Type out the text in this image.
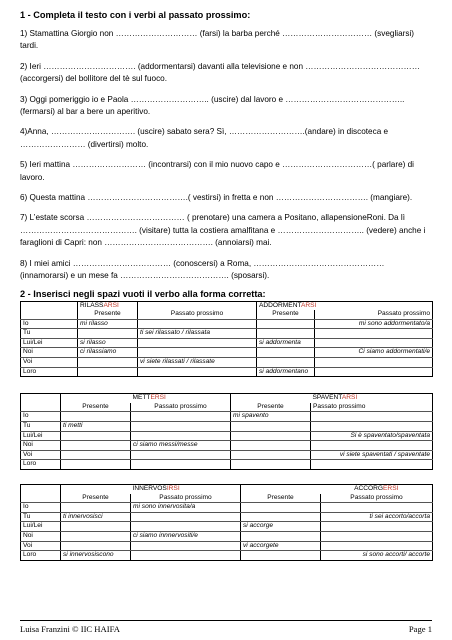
1 - Completa il testo con i verbi al passato prossimo:

1) Stamattina Giorgio non ………………………… (farsi) la barba perché …………………………… (svegliarsi) tardi.

2) Ieri ……………………………. (addormentarsi) davanti alla televisione e non …………………………………… (accorgersi) del bollitore del tè sul fuoco.

3) Oggi pomeriggio io e Paola ……………………….. (uscire) dal lavoro e ……………………………………..(fermarsi) al bar a bere un aperitivo.

4)Anna, …………………………. (uscire) sabato sera? Sì, ……………………….(andare) in discoteca e …………………… (divertirsi) molto.

5) Ieri mattina ……………………… (incontrarsi) con il mio nuovo capo e ……………………………( parlare) di lavoro.

6) Questa mattina ……………………………….( vestirsi) in fretta e non ……………………………. (mangiare).

7) L’estate scorsa ……………………………… ( prenotare) una camera a Positano, allapensioneRoni. Da lì ……………………………………. (visitare) tutta la costiera amalfitana e ………………………….. (vedere) anche i faraglioni di Capri: non …………………………………. (annoiarsi) mai.

8) I miei amici ……………………………… (conoscersi) a Roma, ………………………………………… (innamorarsi) e un mese fa …………………………………. (sposarsi).

2 - Inserisci negli spazi vuoti il verbo alla forma corretta:

	RILASSARSI		ADDORMENTARSI	
	Presente	Passato prossimo	Presente	Passato prossimo
Io	mi rilasso			mi sono addormentato/a
Tu		ti sei rilassato / rilassata		
Lui/Lei	si rilasso		si addormenta	
Noi	ci rilassiamo			Ci siamo addormentati/e
Voi		vi siete rilassati / rilassate		
Loro			si addormentano	
		METTERSI		SPAVENTARSI
	Presente	Passato prossimo	Presente	Passato prossimo
Io			mi spavento	
Tu	ti metti			
Lui/Lei				Si è spaventato/spaventata
Noi		ci siamo messi/messe		
Voi				vi siete spaventati / spaventate
Loro				
		INNERVOSIRSI		ACCORGERSI
	Presente	Passato prossimo	Presente	Passato prossimo
Io		mi sono innervosita/a		
Tu	ti innervosisci			ti sei accorto/accorta
Lui/Lei			si accorge	
Noi		ci siamo innnervositi/e		
Voi			vi accorgete	
Loro	si innervosiscono			si sono accorti/ accorte
Luisa Franzini © IIC HAIFA	Page 1
